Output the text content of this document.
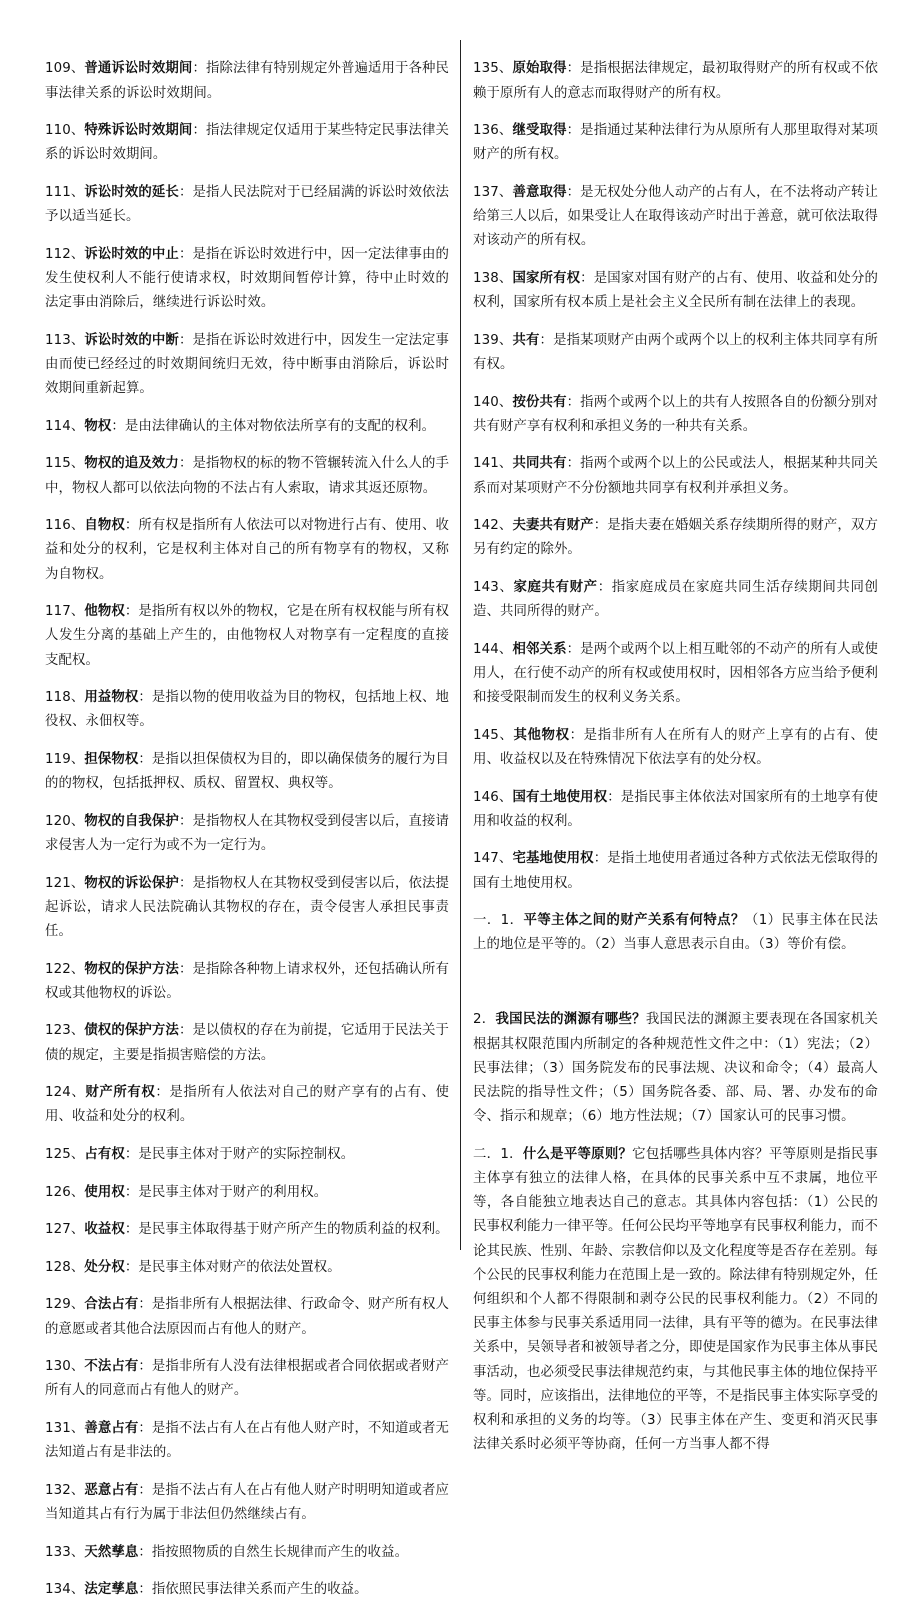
109、普通诉讼时效期间：指除法律有特别规定外普遍适用于各种民事法律关系的诉讼时效期间。

110、特殊诉讼时效期间：指法律规定仅适用于某些特定民事法律关系的诉讼时效期间。

111、诉讼时效的延长：是指人民法院对于已经届满的诉讼时效依法予以适当延长。

112、诉讼时效的中止：是指在诉讼时效进行中，因一定法律事由的发生使权利人不能行使请求权，时效期间暂停计算，待中止时效的法定事由消除后，继续进行诉讼时效。

113、诉讼时效的中断：是指在诉讼时效进行中，因发生一定法定事由而使已经经过的时效期间统归无效，待中断事由消除后，诉讼时效期间重新起算。

114、物权：是由法律确认的主体对物依法所享有的支配的权利。

115、物权的追及效力：是指物权的标的物不管辗转流入什么人的手中，物权人都可以依法向物的不法占有人索取，请求其返还原物。

116、自物权：所有权是指所有人依法可以对物进行占有、使用、收益和处分的权利，它是权利主体对自己的所有物享有的物权，又称为自物权。

117、他物权：是指所有权以外的物权，它是在所有权权能与所有权人发生分离的基础上产生的，由他物权人对物享有一定程度的直接支配权。

118、用益物权：是指以物的使用收益为目的物权，包括地上权、地役权、永佃权等。

119、担保物权：是指以担保债权为目的，即以确保债务的履行为目的的物权，包括抵押权、质权、留置权、典权等。

120、物权的自我保护：是指物权人在其物权受到侵害以后，直接请求侵害人为一定行为或不为一定行为。

121、物权的诉讼保护：是指物权人在其物权受到侵害以后，依法提起诉讼，请求人民法院确认其物权的存在，责令侵害人承担民事责任。

122、物权的保护方法：是指除各种物上请求权外，还包括确认所有权或其他物权的诉讼。

123、债权的保护方法：是以债权的存在为前提，它适用于民法关于债的规定，主要是指损害赔偿的方法。

124、财产所有权：是指所有人依法对自己的财产享有的占有、使用、收益和处分的权利。

125、占有权：是民事主体对于财产的实际控制权。

126、使用权：是民事主体对于财产的利用权。

127、收益权：是民事主体取得基于财产所产生的物质利益的权利。

128、处分权：是民事主体对财产的依法处置权。

129、合法占有：是指非所有人根据法律、行政命令、财产所有权人的意愿或者其他合法原因而占有他人的财产。

130、不法占有：是指非所有人没有法律根据或者合同依据或者财产所有人的同意而占有他人的财产。

131、善意占有：是指不法占有人在占有他人财产时，不知道或者无法知道占有是非法的。

132、恶意占有：是指不法占有人在占有他人财产时明明知道或者应当知道其占有行为属于非法但仍然继续占有。

133、天然孳息：指按照物质的自然生长规律而产生的收益。

134、法定孳息：指依照民事法律关系而产生的收益。

135、原始取得：是指根据法律规定，最初取得财产的所有权或不依赖于原所有人的意志而取得财产的所有权。

136、继受取得：是指通过某种法律行为从原所有人那里取得对某项财产的所有权。

137、善意取得：是无权处分他人动产的占有人，在不法将动产转让给第三人以后，如果受让人在取得该动产时出于善意，就可依法取得对该动产的所有权。

138、国家所有权：是国家对国有财产的占有、使用、收益和处分的权利，国家所有权本质上是社会主义全民所有制在法律上的表现。

139、共有：是指某项财产由两个或两个以上的权利主体共同享有所有权。

140、按份共有：指两个或两个以上的共有人按照各自的份额分别对共有财产享有权利和承担义务的一种共有关系。

141、共同共有：指两个或两个以上的公民或法人，根据某种共同关系而对某项财产不分份额地共同享有权利并承担义务。

142、夫妻共有财产：是指夫妻在婚姻关系存续期所得的财产，双方另有约定的除外。

143、家庭共有财产：指家庭成员在家庭共同生活存续期间共同创造、共同所得的财产。

144、相邻关系：是两个或两个以上相互毗邻的不动产的所有人或使用人，在行使不动产的所有权或使用权时，因相邻各方应当给予便利和接受限制而发生的权利义务关系。

145、其他物权：是指非所有人在所有人的财产上享有的占有、使用、收益权以及在特殊情况下依法享有的处分权。

146、国有土地使用权：是指民事主体依法对国家所有的土地享有使用和收益的权利。

147、宅基地使用权：是指土地使用者通过各种方式依法无偿取得的国有土地使用权。

一．1．平等主体之间的财产关系有何特点？（1）民事主体在民法上的地位是平等的。（2）当事人意思表示自由。（3）等价有偿。

2．我国民法的渊源有哪些？我国民法的渊源主要表现在各国家机关根据其权限范围内所制定的各种规范性文件之中：（1）宪法；（2）民事法律；（3）国务院发布的民事法规、决议和命令；（4）最高人民法院的指导性文件；（5）国务院各委、部、局、署、办发布的命令、指示和规章；（6）地方性法规；（7）国家认可的民事习惯。

二．1．什么是平等原则？它包括哪些具体内容？平等原则是指民事主体享有独立的法律人格，在具体的民事关系中互不隶属，地位平等，各自能独立地表达自己的意志。其具体内容包括：（1）公民的民事权利能力一律平等。任何公民均平等地享有民事权利能力，而不论其民族、性别、年龄、宗教信仰以及文化程度等是否存在差别。每个公民的民事权利能力在范围上是一致的。除法律有特别规定外，任何组织和个人都不得限制和剥夺公民的民事权利能力。（2）不同的民事主体参与民事关系适用同一法律，具有平等的德为。在民事法律关系中，吴领导者和被领导者之分，即使是国家作为民事主体从事民事活动，也必须受民事法律规范约束，与其他民事主体的地位保持平等。同时，应该指出，法律地位的平等，不是指民事主体实际享受的权利和承担的义务的均等。（3）民事主体在产生、变更和消灭民事法律关系时必须平等协商，任何一方当事人都不得
